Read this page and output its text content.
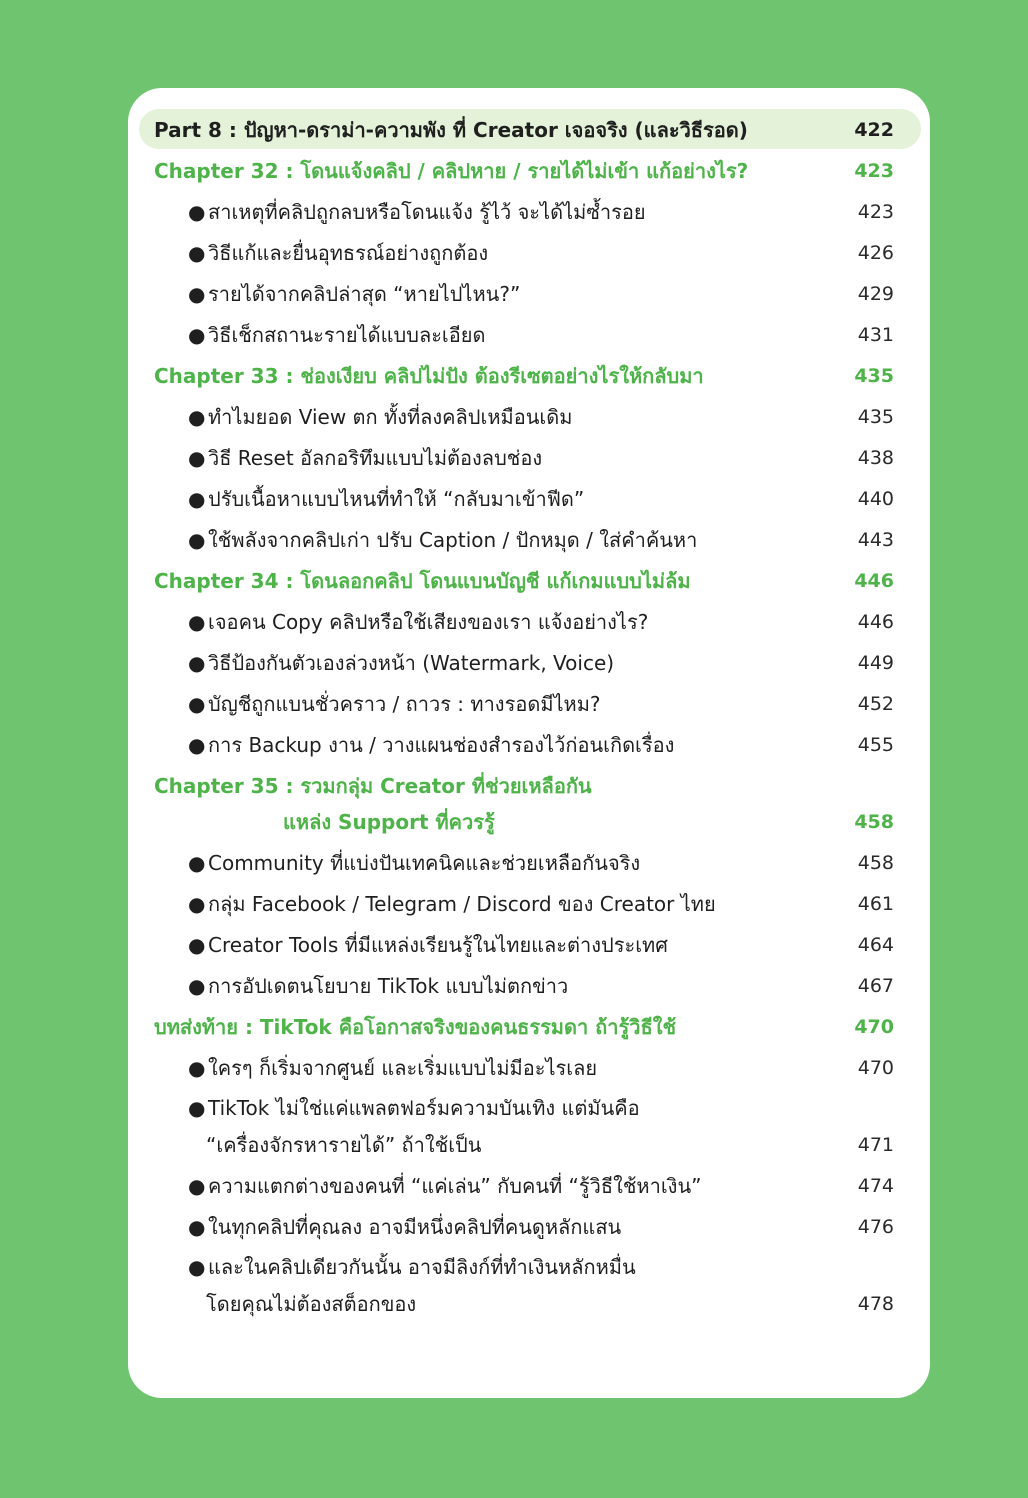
Part 8 : ปัญหา-ดราม่า-ความพัง ที่ Creator เจอจริง (และวิธีรอด)	422
Chapter 32 : โดนแจ้งคลิป / คลิปหาย / รายได้ไม่เข้า แก้อย่างไร?	423
● สาเหตุที่คลิปถูกลบหรือโดนแจ้ง รู้ไว้ จะได้ไม่ซ้ำรอย	423
● วิธีแก้และยื่นอุทธรณ์อย่างถูกต้อง	426
● รายได้จากคลิปล่าสุด “หายไปไหน?”	429
● วิธีเช็กสถานะรายได้แบบละเอียด	431
Chapter 33 : ช่องเงียบ คลิปไม่ปัง ต้องรีเซตอย่างไรให้กลับมา	435
● ทำไมยอด View ตก ทั้งที่ลงคลิปเหมือนเดิม	435
● วิธี Reset อัลกอริทึมแบบไม่ต้องลบช่อง	438
● ปรับเนื้อหาแบบไหนที่ทำให้ “กลับมาเข้าฟีด”	440
● ใช้พลังจากคลิปเก่า ปรับ Caption / ปักหมุด / ใส่คำค้นหา	443
Chapter 34 : โดนลอกคลิป โดนแบนบัญชี แก้เกมแบบไม่ล้ม	446
● เจอคน Copy คลิปหรือใช้เสียงของเรา แจ้งอย่างไร?	446
● วิธีป้องกันตัวเองล่วงหน้า (Watermark, Voice)	449
● บัญชีถูกแบนชั่วคราว / ถาวร : ทางรอดมีไหม?	452
● การ Backup งาน / วางแผนช่องสำรองไว้ก่อนเกิดเรื่อง	455
Chapter 35 : รวมกลุ่ม Creator ที่ช่วยเหลือกัน
แหล่ง Support ที่ควรรู้	458
● Community ที่แบ่งปันเทคนิคและช่วยเหลือกันจริง	458
● กลุ่ม Facebook / Telegram / Discord ของ Creator ไทย	461
● Creator Tools ที่มีแหล่งเรียนรู้ในไทยและต่างประเทศ	464
● การอัปเดตนโยบาย TikTok แบบไม่ตกข่าว	467
บทส่งท้าย : TikTok คือโอกาสจริงของคนธรรมดา ถ้ารู้วิธีใช้	470
● ใครๆ ก็เริ่มจากศูนย์ และเริ่มแบบไม่มีอะไรเลย	470
● TikTok ไม่ใช่แค่แพลตฟอร์มความบันเทิง แต่มันคือ
“เครื่องจักรหารายได้” ถ้าใช้เป็น	471
● ความแตกต่างของคนที่ “แค่เล่น” กับคนที่ “รู้วิธีใช้หาเงิน”	474
● ในทุกคลิปที่คุณลง อาจมีหนึ่งคลิปที่คนดูหลักแสน	476
● และในคลิปเดียวกันนั้น อาจมีลิงก์ที่ทำเงินหลักหมื่น
โดยคุณไม่ต้องสต็อกของ	478
